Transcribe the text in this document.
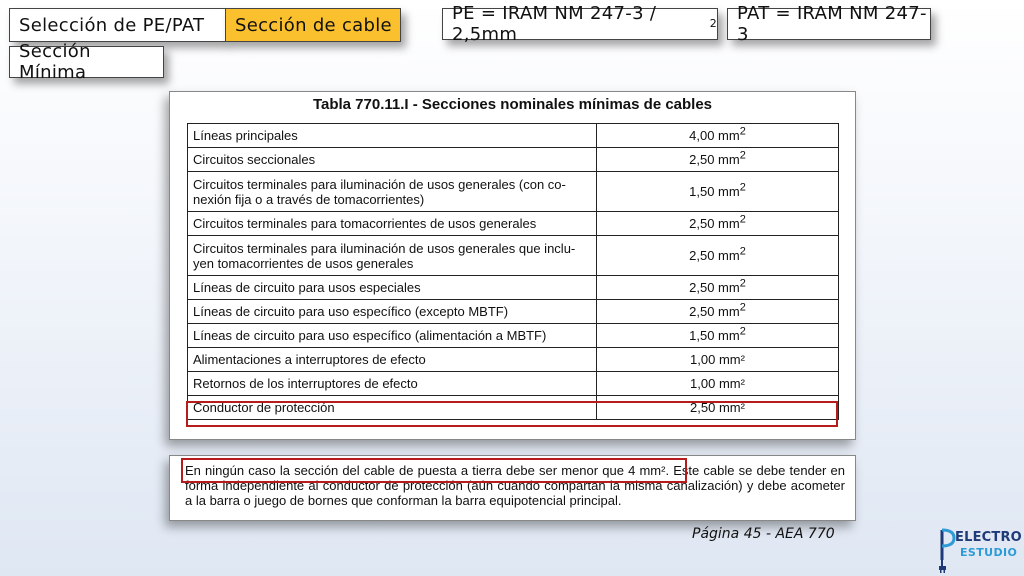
Selección de PE/PAT Sección de cable
Sección Mínima
PE = IRAM NM 247-3 / 2,5mm
2 PAT = IRAM NM 247-3
Tabla 770.11.I - Secciones nominales mínimas de cables
Líneas principales	4,00 $mm^2$
Circuitos seccionales	2,50 $mm^2$
Circuitos terminales para iluminación de usos generales (con co-nexión fija o a través de tomacorrientes)	1,50 $mm^2$
Circuitos terminales para tomacorrientes de usos generales	2,50 $mm^2$
Circuitos terminales para iluminación de usos generales que inclu-yen tomacorrientes de usos generales	2,50 $mm^2$
Líneas de circuito para usos especiales	2,50 $mm^2$
Líneas de circuito para uso específico (excepto MBTF)	2,50 $mm^2$
Líneas de circuito para uso específico (alimentación a MBTF)	1,50 $mm^2$
Alimentaciones a interruptores de efecto	1,00 mm²
Retornos de los interruptores de efecto	1,00 mm²
Conductor de protección	2,50 mm²

En ningún caso la sección del cable de puesta a tierra debe ser menor que 4 mm². Este cable se debe tender en forma independiente al conductor de protección (aún cuando compartan la misma canalización) y debe acometer a la barra o juego de bornes que conforman la barra equipotencial principal.

Página 45 - AEA 770	ELECTRO
ESTUDIO
